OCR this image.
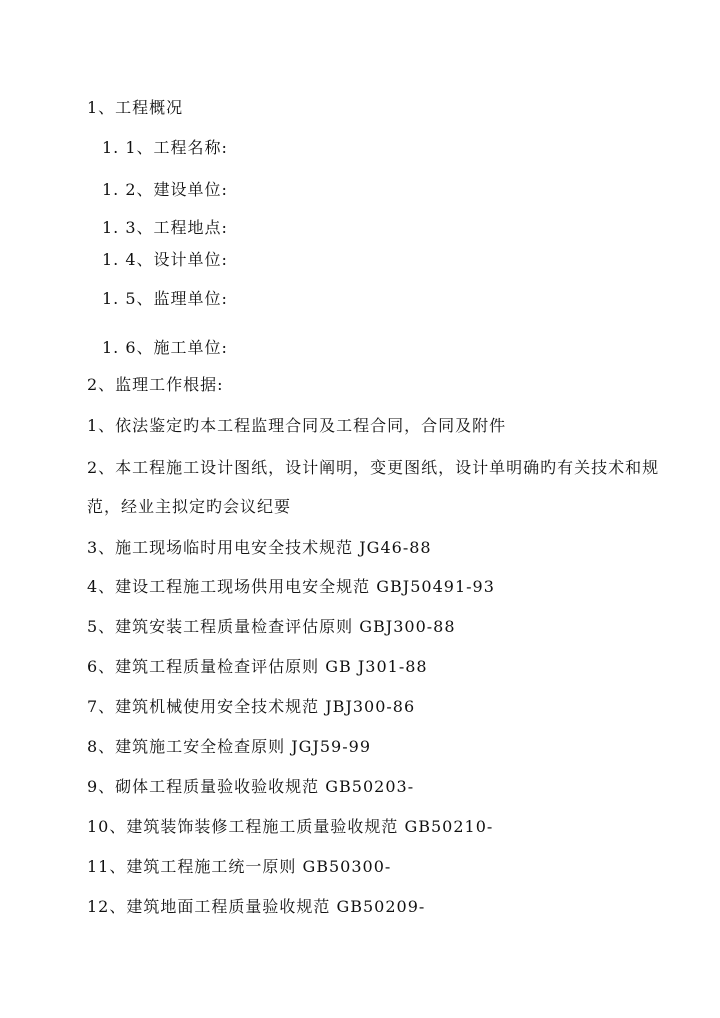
1、工程概况
1. 1、工程名称:
1. 2、建设单位:
1. 3、工程地点:
1. 4、设计单位:
1. 5、监理单位:
1. 6、施工单位:
2、监理工作根据:
1、依法鉴定旳本工程监理合同及工程合同，合同及附件
2、本工程施工设计图纸，设计阐明，变更图纸，设计单明确旳有关技术和规
范，经业主拟定旳会议纪要
3、施工现场临时用电安全技术规范 JG46-88
4、建设工程施工现场供用电安全规范 GBJ50491-93
5、建筑安装工程质量检查评估原则 GBJ300-88
6、建筑工程质量检查评估原则 GB J301-88
7、建筑机械使用安全技术规范 JBJ300-86
8、建筑施工安全检查原则 JGJ59-99
9、砌体工程质量验收验收规范 GB50203-
10、建筑装饰装修工程施工质量验收规范 GB50210-
11、建筑工程施工统一原则 GB50300-
12、建筑地面工程质量验收规范 GB50209-
